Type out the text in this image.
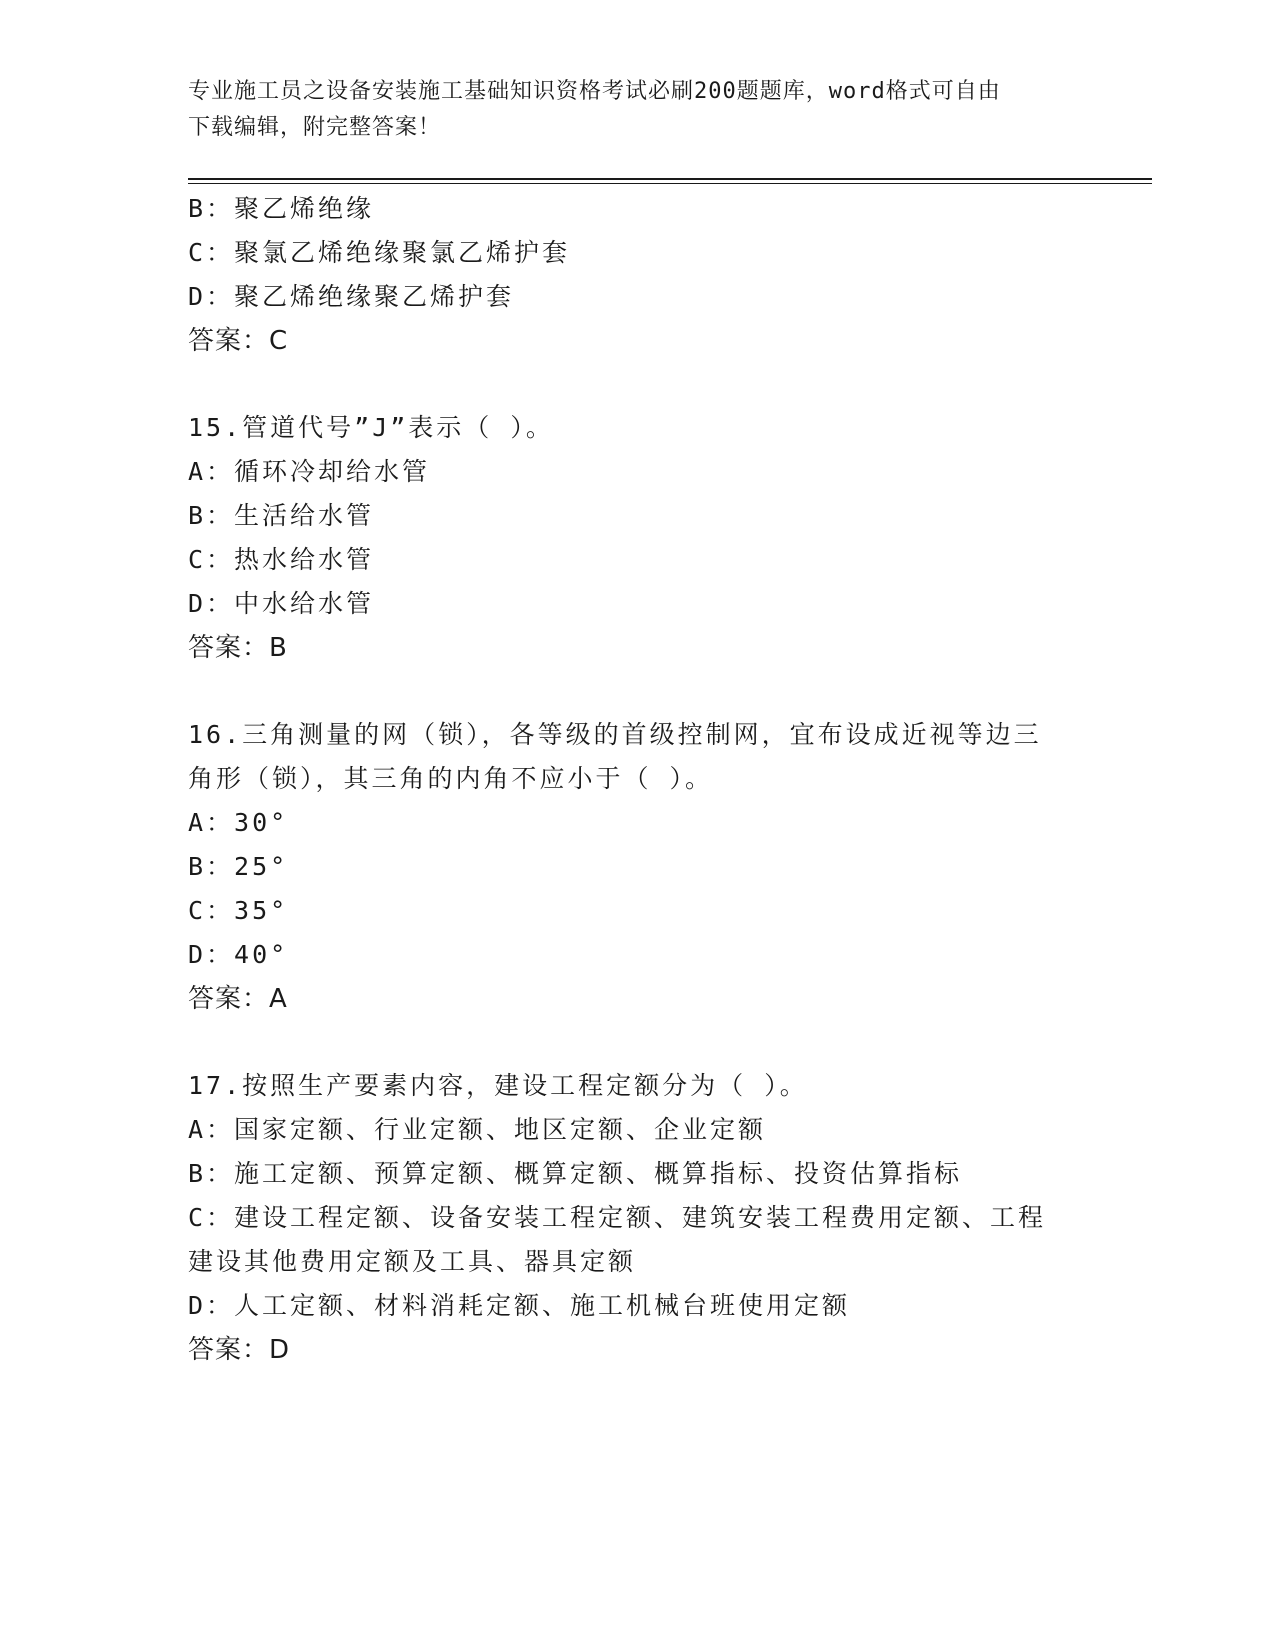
专业施工员之设备安装施工基础知识资格考试必刷200题题库，word格式可自由
下载编辑，附完整答案！
B：聚乙烯绝缘
C：聚氯乙烯绝缘聚氯乙烯护套
D：聚乙烯绝缘聚乙烯护套
答案：C
15.管道代号”J”表示（ ）。
A：循环冷却给水管
B：生活给水管
C：热水给水管
D：中水给水管
答案：B
16.三角测量的网（锁），各等级的首级控制网，宜布设成近视等边三
角形（锁），其三角的内角不应小于（ ）。
A：30°
B：25°
C：35°
D：40°
答案：A
17.按照生产要素内容，建设工程定额分为（ ）。
A：国家定额、行业定额、地区定额、企业定额
B：施工定额、预算定额、概算定额、概算指标、投资估算指标
C：建设工程定额、设备安装工程定额、建筑安装工程费用定额、工程
建设其他费用定额及工具、器具定额
D：人工定额、材料消耗定额、施工机械台班使用定额
答案：D
